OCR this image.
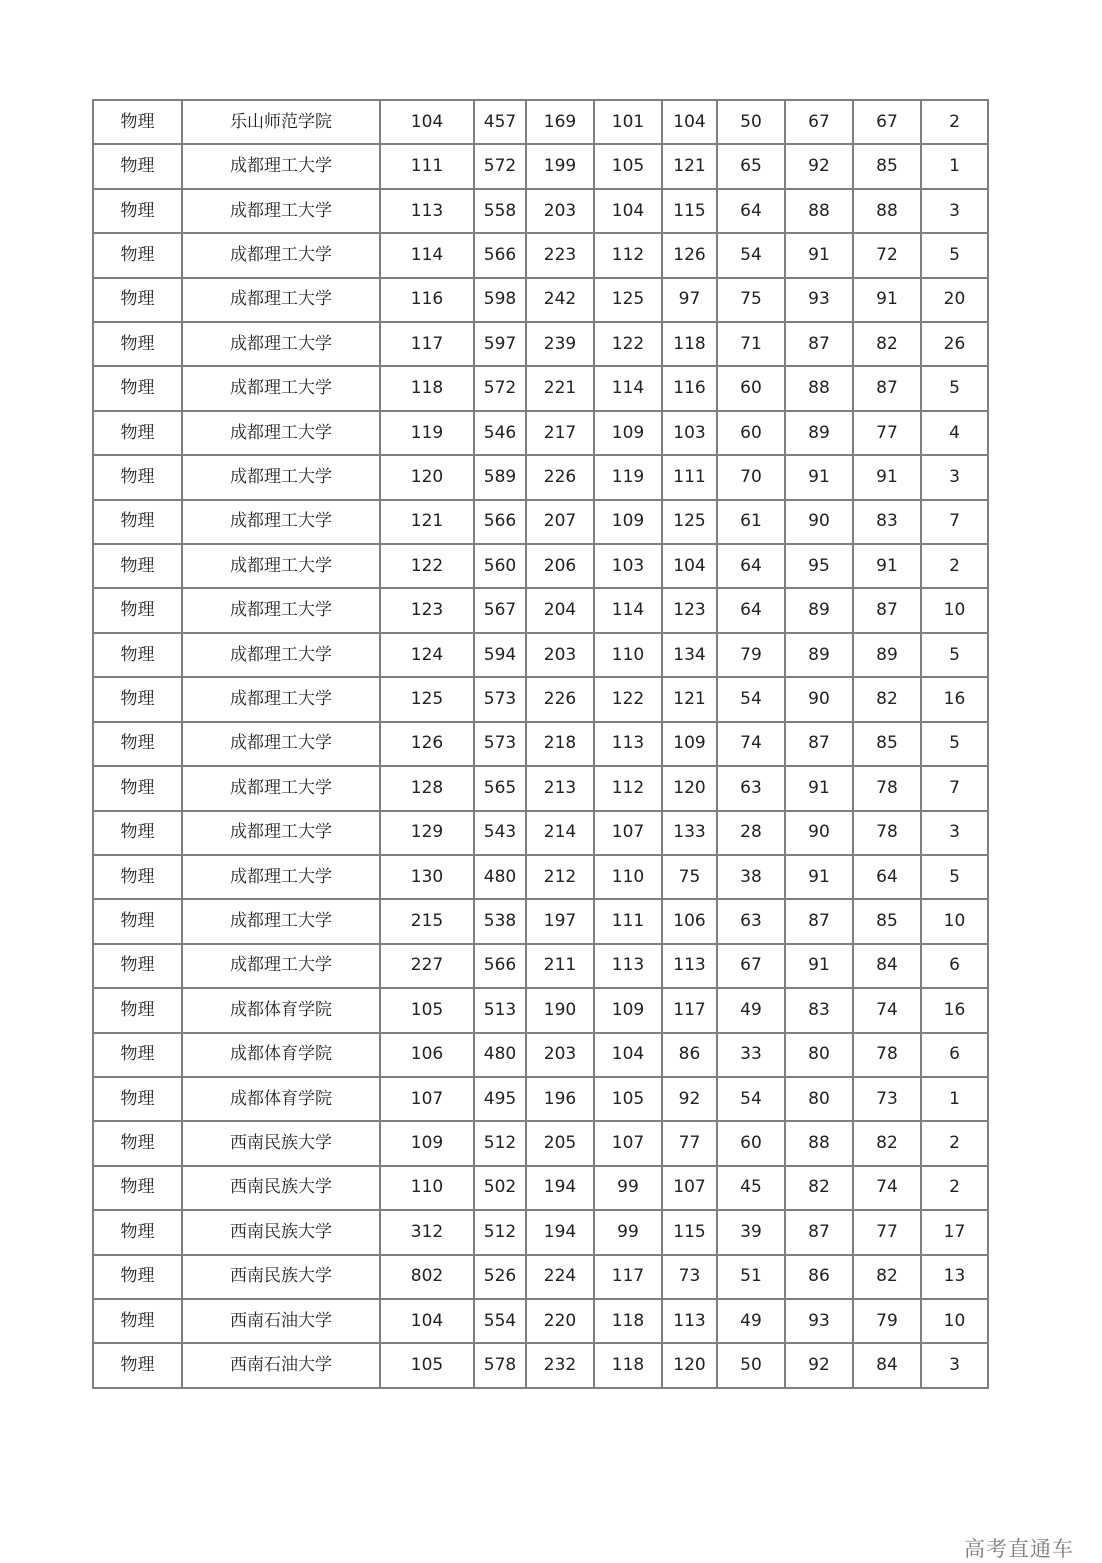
物理	乐山师范学院	104	457	169	101	104	50	67	67	2
物理	成都理工大学	111	572	199	105	121	65	92	85	1
物理	成都理工大学	113	558	203	104	115	64	88	88	3
物理	成都理工大学	114	566	223	112	126	54	91	72	5
物理	成都理工大学	116	598	242	125	97	75	93	91	20
物理	成都理工大学	117	597	239	122	118	71	87	82	26
物理	成都理工大学	118	572	221	114	116	60	88	87	5
物理	成都理工大学	119	546	217	109	103	60	89	77	4
物理	成都理工大学	120	589	226	119	111	70	91	91	3
物理	成都理工大学	121	566	207	109	125	61	90	83	7
物理	成都理工大学	122	560	206	103	104	64	95	91	2
物理	成都理工大学	123	567	204	114	123	64	89	87	10
物理	成都理工大学	124	594	203	110	134	79	89	89	5
物理	成都理工大学	125	573	226	122	121	54	90	82	16
物理	成都理工大学	126	573	218	113	109	74	87	85	5
物理	成都理工大学	128	565	213	112	120	63	91	78	7
物理	成都理工大学	129	543	214	107	133	28	90	78	3
物理	成都理工大学	130	480	212	110	75	38	91	64	5
物理	成都理工大学	215	538	197	111	106	63	87	85	10
物理	成都理工大学	227	566	211	113	113	67	91	84	6
物理	成都体育学院	105	513	190	109	117	49	83	74	16
物理	成都体育学院	106	480	203	104	86	33	80	78	6
物理	成都体育学院	107	495	196	105	92	54	80	73	1
物理	西南民族大学	109	512	205	107	77	60	88	82	2
物理	西南民族大学	110	502	194	99	107	45	82	74	2
物理	西南民族大学	312	512	194	99	115	39	87	77	17
物理	西南民族大学	802	526	224	117	73	51	86	82	13
物理	西南石油大学	104	554	220	118	113	49	93	79	10
物理	西南石油大学	105	578	232	118	120	50	92	84	3
高考直通车
